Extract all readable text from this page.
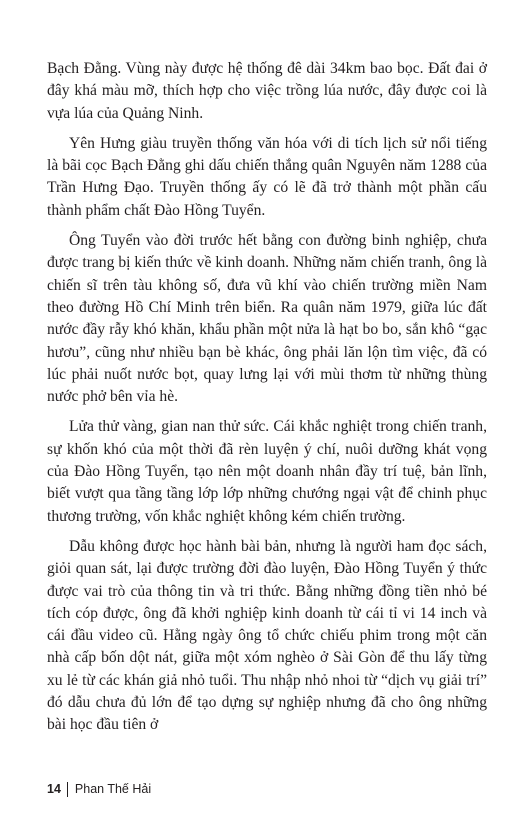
Bạch Đằng. Vùng này được hệ thống đê dài 34km bao bọc. Đất đai ở đây khá màu mỡ, thích hợp cho việc trồng lúa nước, đây được coi là vựa lúa của Quảng Ninh.

Yên Hưng giàu truyền thống văn hóa với di tích lịch sử nổi tiếng là bãi cọc Bạch Đằng ghi dấu chiến thắng quân Nguyên năm 1288 của Trần Hưng Đạo. Truyền thống ấy có lẽ đã trở thành một phần cấu thành phẩm chất Đào Hồng Tuyển.

Ông Tuyển vào đời trước hết bằng con đường binh nghiệp, chưa được trang bị kiến thức về kinh doanh. Những năm chiến tranh, ông là chiến sĩ trên tàu không số, đưa vũ khí vào chiến trường miền Nam theo đường Hồ Chí Minh trên biển. Ra quân năm 1979, giữa lúc đất nước đầy rẫy khó khăn, khẩu phần một nửa là hạt bo bo, sắn khô “gạc hươu”, cũng như nhiều bạn bè khác, ông phải lăn lộn tìm việc, đã có lúc phải nuốt nước bọt, quay lưng lại với mùi thơm từ những thùng nước phở bên vỉa hè.

Lửa thử vàng, gian nan thử sức. Cái khắc nghiệt trong chiến tranh, sự khốn khó của một thời đã rèn luyện ý chí, nuôi dưỡng khát vọng của Đào Hồng Tuyển, tạo nên một doanh nhân đầy trí tuệ, bản lĩnh, biết vượt qua tầng tầng lớp lớp những chướng ngại vật để chinh phục thương trường, vốn khắc nghiệt không kém chiến trường.

Dẫu không được học hành bài bản, nhưng là người ham đọc sách, giỏi quan sát, lại được trường đời đào luyện, Đào Hồng Tuyển ý thức được vai trò của thông tin và tri thức. Bằng những đồng tiền nhỏ bé tích cóp được, ông đã khởi nghiệp kinh doanh từ cái tỉ vi 14 inch và cái đầu video cũ. Hằng ngày ông tổ chức chiếu phim trong một căn nhà cấp bốn dột nát, giữa một xóm nghèo ở Sài Gòn để thu lấy từng xu lẻ từ các khán giả nhỏ tuổi. Thu nhập nhỏ nhoi từ “dịch vụ giải trí” đó dẫu chưa đủ lớn để tạo dựng sự nghiệp nhưng đã cho ông những bài học đầu tiên ở

14 Phan Thế Hải
